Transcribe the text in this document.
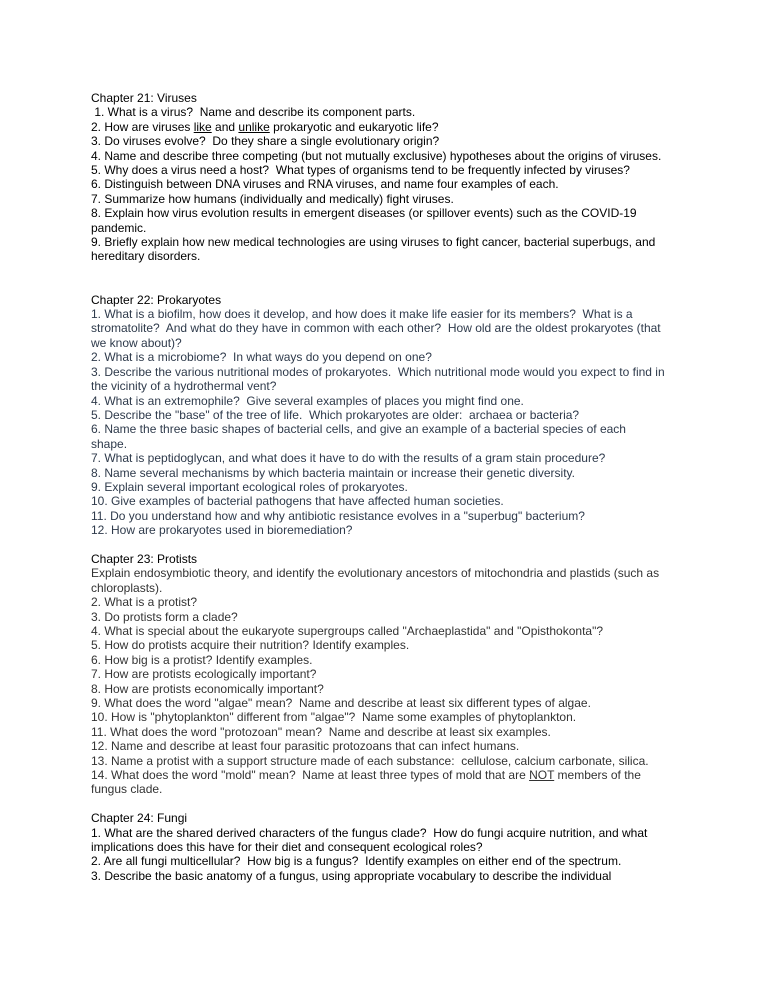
Chapter 21: Viruses
1. What is a virus?  Name and describe its component parts.
2. How are viruses like and unlike prokaryotic and eukaryotic life?
3. Do viruses evolve?  Do they share a single evolutionary origin?
4. Name and describe three competing (but not mutually exclusive) hypotheses about the origins of viruses.
5. Why does a virus need a host?  What types of organisms tend to be frequently infected by viruses?
6. Distinguish between DNA viruses and RNA viruses, and name four examples of each.
7. Summarize how humans (individually and medically) fight viruses.
8. Explain how virus evolution results in emergent diseases (or spillover events) such as the COVID-19 pandemic.
9. Briefly explain how new medical technologies are using viruses to fight cancer, bacterial superbugs, and hereditary disorders.
Chapter 22: Prokaryotes
1. What is a biofilm, how does it develop, and how does it make life easier for its members?  What is a stromatolite?  And what do they have in common with each other?  How old are the oldest prokaryotes (that we know about)?
2. What is a microbiome?  In what ways do you depend on one?
3. Describe the various nutritional modes of prokaryotes.  Which nutritional mode would you expect to find in the vicinity of a hydrothermal vent?
4. What is an extremophile?  Give several examples of places you might find one.
5. Describe the "base" of the tree of life.  Which prokaryotes are older:  archaea or bacteria?
6. Name the three basic shapes of bacterial cells, and give an example of a bacterial species of each shape.
7. What is peptidoglycan, and what does it have to do with the results of a gram stain procedure?
8. Name several mechanisms by which bacteria maintain or increase their genetic diversity.
9. Explain several important ecological roles of prokaryotes.
10. Give examples of bacterial pathogens that have affected human societies.
11. Do you understand how and why antibiotic resistance evolves in a "superbug" bacterium?
12. How are prokaryotes used in bioremediation?
Chapter 23: Protists
Explain endosymbiotic theory, and identify the evolutionary ancestors of mitochondria and plastids (such as chloroplasts).
2. What is a protist?
3. Do protists form a clade?
4. What is special about the eukaryote supergroups called "Archaeplastida" and "Opisthokonta"?
5. How do protists acquire their nutrition? Identify examples.
6. How big is a protist? Identify examples.
7. How are protists ecologically important?
8. How are protists economically important?
9. What does the word "algae" mean?  Name and describe at least six different types of algae.
10. How is "phytoplankton" different from "algae"?  Name some examples of phytoplankton.
11. What does the word "protozoan" mean?  Name and describe at least six examples.
12. Name and describe at least four parasitic protozoans that can infect humans.
13. Name a protist with a support structure made of each substance:  cellulose, calcium carbonate, silica.
14. What does the word "mold" mean?  Name at least three types of mold that are NOT members of the fungus clade.
Chapter 24: Fungi
1. What are the shared derived characters of the fungus clade?  How do fungi acquire nutrition, and what implications does this have for their diet and consequent ecological roles?
2. Are all fungi multicellular?  How big is a fungus?  Identify examples on either end of the spectrum.
3. Describe the basic anatomy of a fungus, using appropriate vocabulary to describe the individual
